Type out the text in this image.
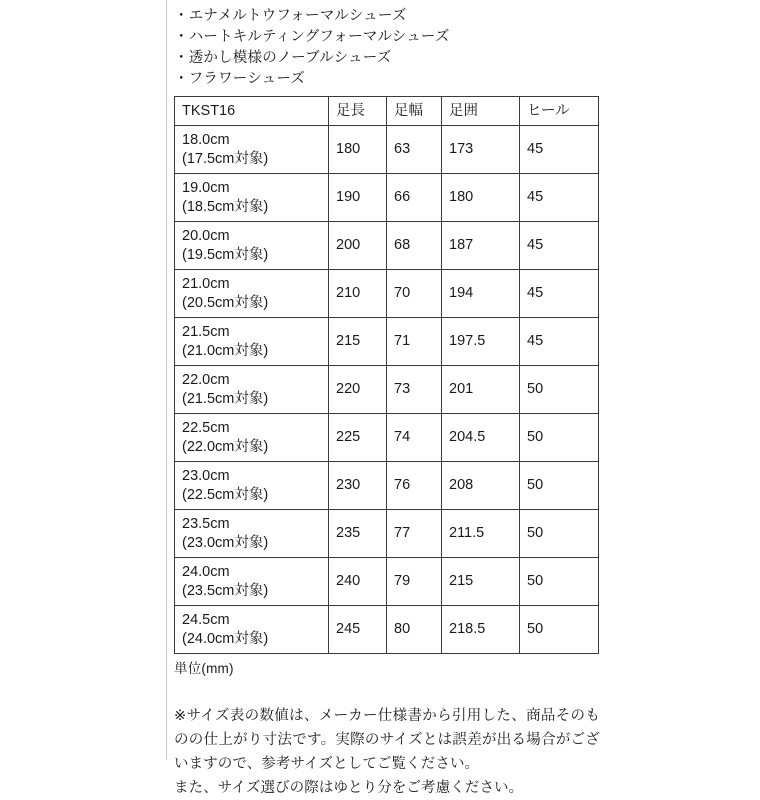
・エナメルトウフォーマルシューズ
・ハートキルティングフォーマルシューズ
・透かし模様のノーブルシューズ
・フラワーシューズ
TKST16	足長	足幅	足囲	ヒール

18.0cm
(17.5cm対象)	180	63	173	45

19.0cm
(18.5cm対象)	190	66	180	45

20.0cm
(19.5cm対象)	200	68	187	45

21.0cm
(20.5cm対象)	210	70	194	45

21.5cm
(21.0cm対象)	215	71	197.5	45

22.0cm
(21.5cm対象)	220	73	201	50

22.5cm
(22.0cm対象)	225	74	204.5	50

23.0cm
(22.5cm対象)	230	76	208	50

23.5cm
(23.0cm対象)	235	77	211.5	50

24.0cm
(23.5cm対象)	240	79	215	50

24.5cm
(24.0cm対象)	245	80	218.5	50
単位(mm)

※サイズ表の数値は、メーカー仕様書から引用した、商品そのものの仕上がり寸法です。実際のサイズとは誤差が出る場合がございますので、参考サイズとしてご覧ください。

また、サイズ選びの際はゆとり分をご考慮ください。
